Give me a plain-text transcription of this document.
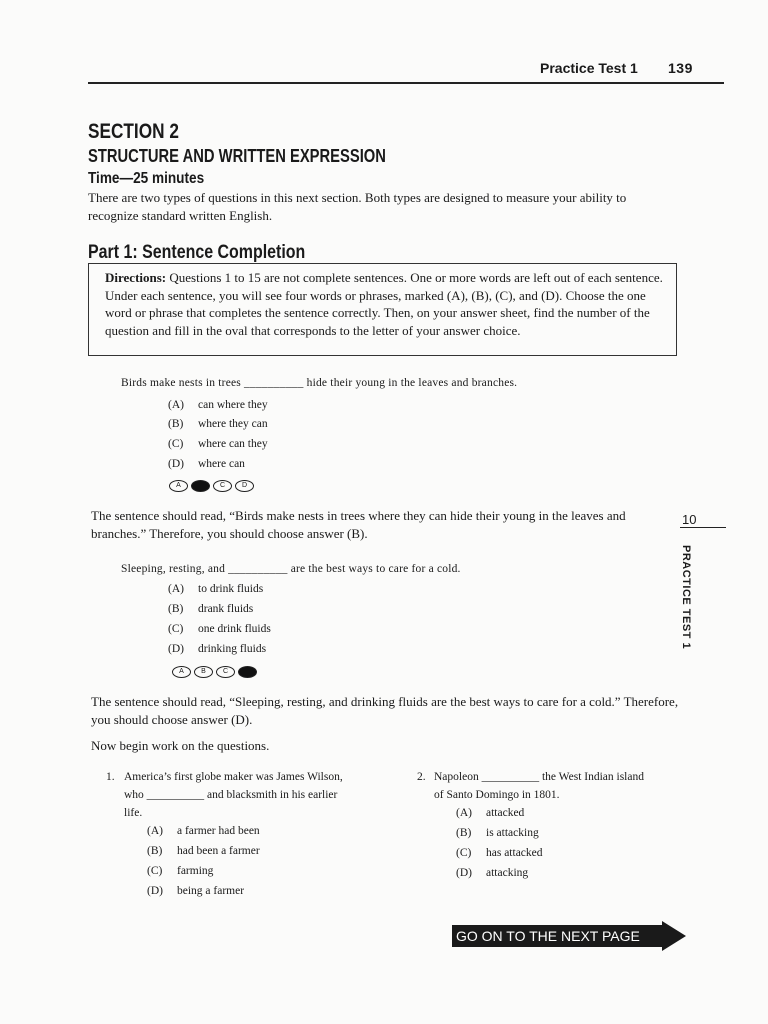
Practice Test 1 139
SECTION 2
STRUCTURE AND WRITTEN EXPRESSION
Time—25 minutes
There are two types of questions in this next section. Both types are designed to measure your ability to recognize standard written English.
Part 1: Sentence Completion
Directions: Questions 1 to 15 are not complete sentences. One or more words are left out of each sentence. Under each sentence, you will see four words or phrases, marked (A), (B), (C), and (D). Choose the one word or phrase that completes the sentence correctly. Then, on your answer sheet, find the number of the question and fill in the oval that corresponds to the letter of your answer choice.
Birds make nests in trees __________ hide their young in the leaves and branches.
(A) can where they
(B) where they can
(C) where can they
(D) where can
A	C	D
The sentence should read, “Birds make nests in trees where they can hide their young in the leaves and branches.” Therefore, you should choose answer (B).
10
PRACTICE TEST 1
Sleeping, resting, and __________ are the best ways to care for a cold.
(A) to drink fluids
(B) drank fluids
(C) one drink fluids
(D) drinking fluids
A	B	C
The sentence should read, “Sleeping, resting, and drinking fluids are the best ways to care for a cold.” Therefore, you should choose answer (D).
Now begin work on the questions.
1. America’s first globe maker was James Wilson,
who __________ and blacksmith in his earlier
life.
(A) a farmer had been
(B) had been a farmer
(C) farming
(D) being a farmer
2. Napoleon __________ the West Indian island
of Santo Domingo in 1801.
(A) attacked
(B) is attacking
(C) has attacked
(D) attacking
GO ON TO THE NEXT PAGE
